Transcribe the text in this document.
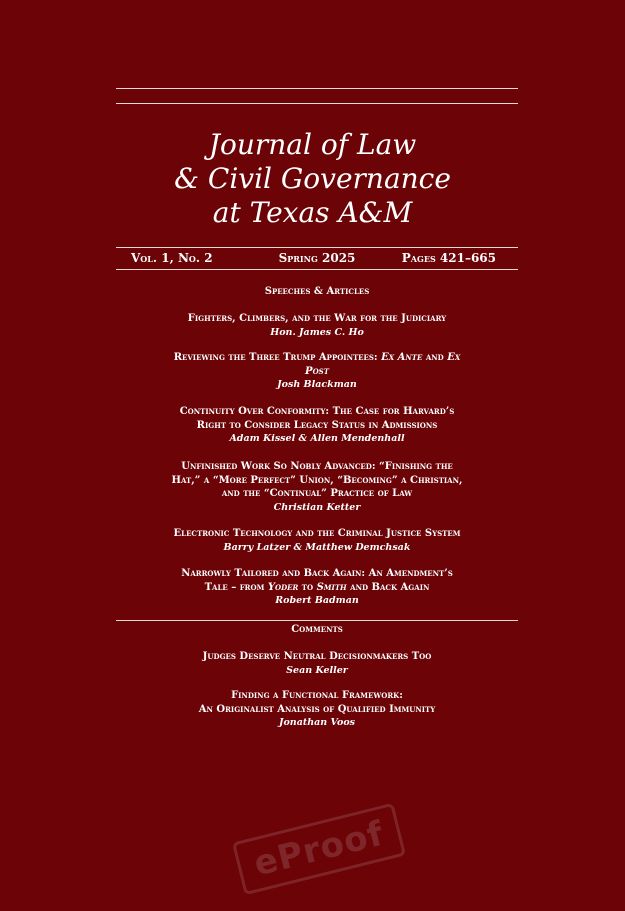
Journal of Law
& Civil Governance
at Texas A&M
Spring 2025
Vol. 1, No. 2	Pages 421–665
Speeches & Articles
Fighters, Climbers, and the War for the Judiciary
Hon. James C. Ho
Reviewing the Three Trump Appointees: Ex Ante and Ex
Post
Josh Blackman
Continuity Over Conformity: The Case for Harvard’s
Right to Consider Legacy Status in Admissions
Adam Kissel & Allen Mendenhall
Unfinished Work So Nobly Advanced: “Finishing the
Hat,” a “More Perfect” Union, “Becoming” a Christian,
and the “Continual” Practice of Law
Christian Ketter
Electronic Technology and the Criminal Justice System
Barry Latzer & Matthew Demchsak
Narrowly Tailored and Back Again: An Amendment’s
Tale – from Yoder to Smith and Back Again
Robert Badman
Comments
Judges Deserve Neutral Decisionmakers Too
Sean Keller
Finding a Functional Framework:
An Originalist Analysis of Qualified Immunity
Jonathan Voos
eProof
